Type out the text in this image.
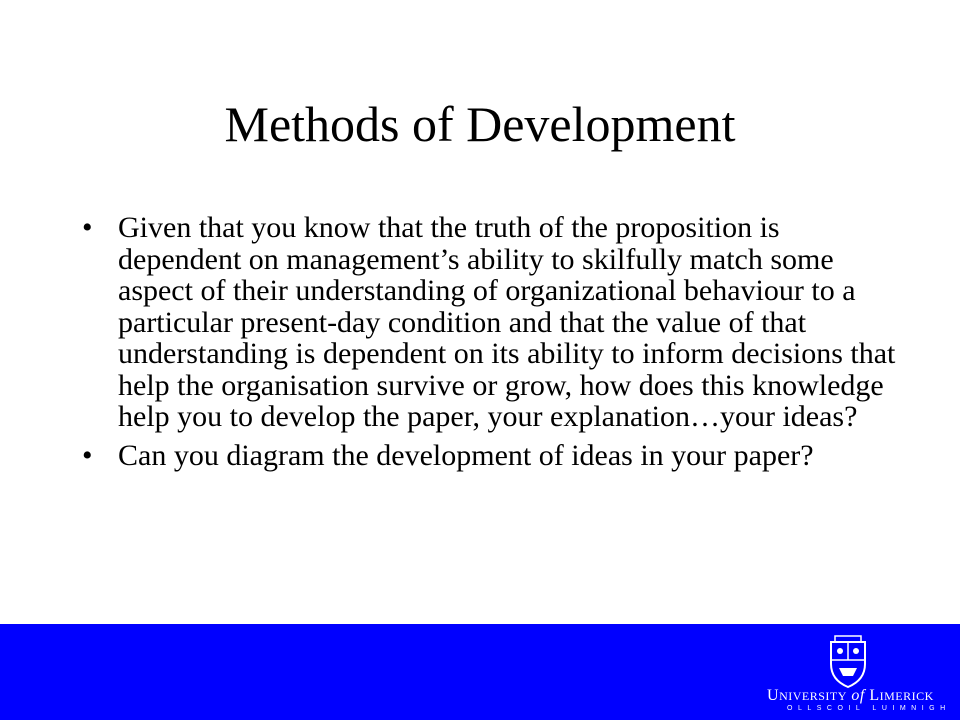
Methods of Development
• Given that you know that the truth of the proposition is dependent on management’s ability to skilfully match some aspect of their understanding of organizational behaviour to a particular present-day condition and that the value of that understanding is dependent on its ability to inform decisions that help the organisation survive or grow, how does this knowledge help you to develop the paper, your explanation…your ideas?
• Can you diagram the development of ideas in your paper?
UNIVERSITY of LIMERICK
OLLSCOIL LUIMNIGH
